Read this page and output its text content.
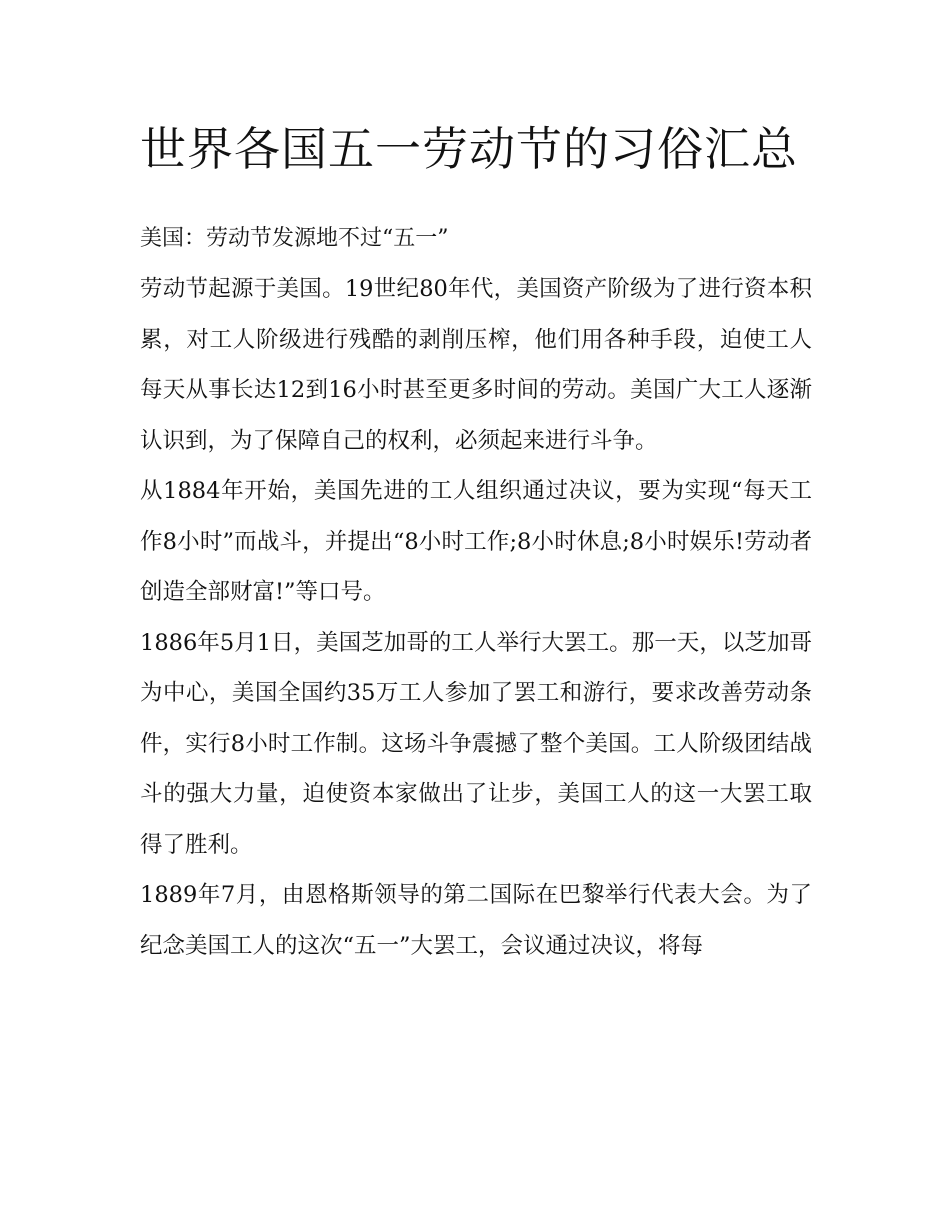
世界各国五一劳动节的习俗汇总

美国：劳动节发源地不过“五一”

劳动节起源于美国。19世纪80年代，美国资产阶级为了进行资本积累，对工人阶级进行残酷的剥削压榨，他们用各种手段，迫使工人每天从事长达12到16小时甚至更多时间的劳动。美国广大工人逐渐认识到，为了保障自己的权利，必须起来进行斗争。

从1884年开始，美国先进的工人组织通过决议，要为实现“每天工作8小时”而战斗，并提出“8小时工作;8小时休息;8小时娱乐!劳动者创造全部财富!”等口号。

1886年5月1日，美国芝加哥的工人举行大罢工。那一天，以芝加哥为中心，美国全国约35万工人参加了罢工和游行，要求改善劳动条件，实行8小时工作制。这场斗争震撼了整个美国。工人阶级团结战斗的强大力量，迫使资本家做出了让步，美国工人的这一大罢工取得了胜利。

1889年7月，由恩格斯领导的第二国际在巴黎举行代表大会。为了纪念美国工人的这次“五一”大罢工，会议通过决议，将每
